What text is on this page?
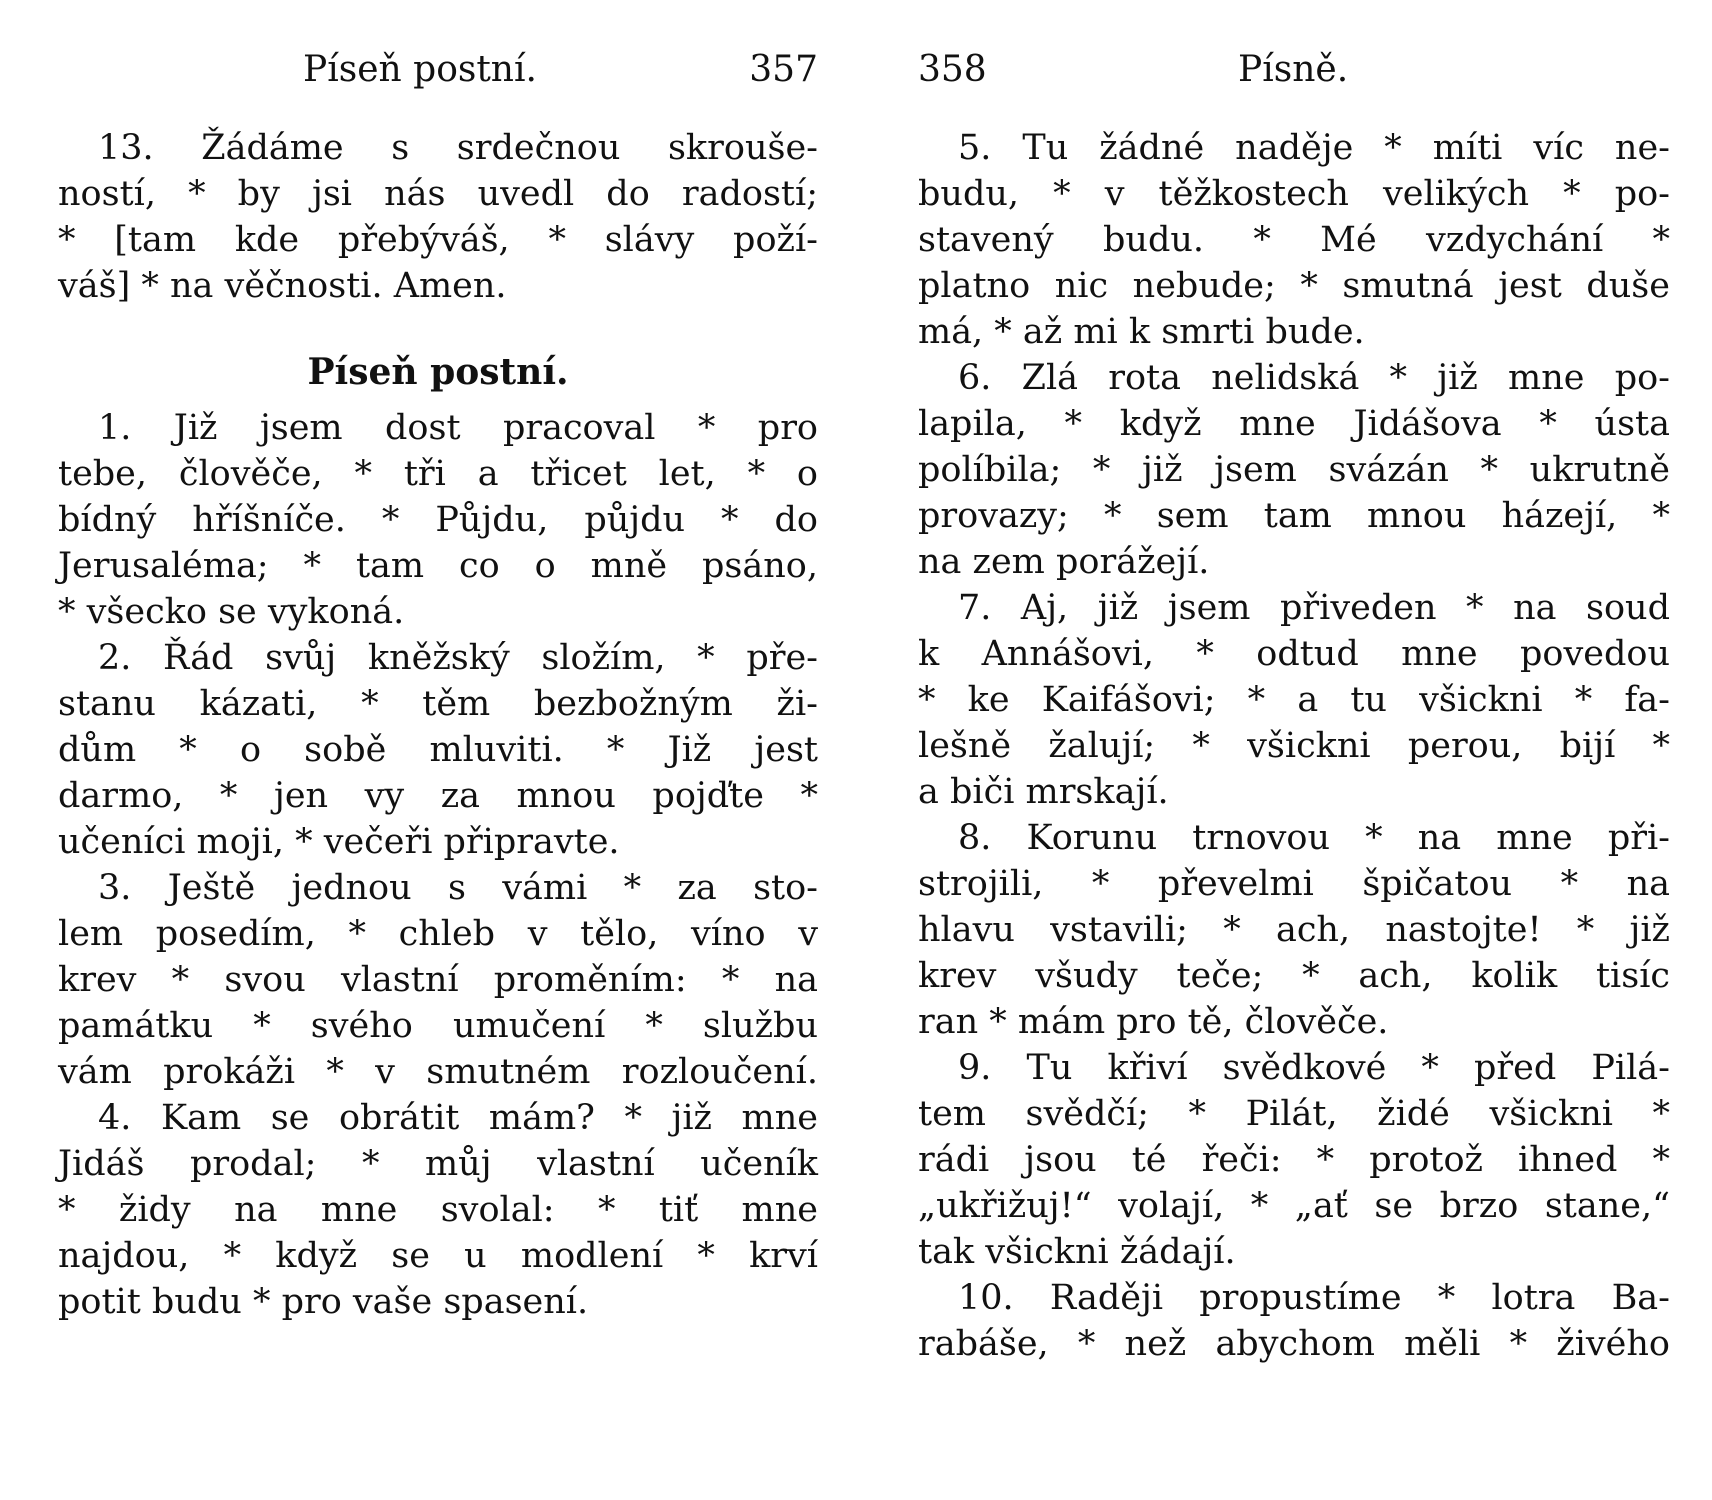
Píseň postní.	357
13. Žádáme s srdečnou skrouše-
ností, * by jsi nás uvedl do radostí;
* [tam kde přebýváš, * slávy poží-
váš] * na věčnosti. Amen.
Píseň postní.
1. Již jsem dost pracoval * pro
tebe, člověče, * tři a třicet let, * o
bídný hříšníče. * Půjdu, půjdu * do
Jerusaléma; * tam co o mně psáno,
* všecko se vykoná.
2. Řád svůj kněžský složím, * pře-
stanu kázati, * těm bezbožným ži-
dům * o sobě mluviti. * Již jest
darmo, * jen vy za mnou pojďte *
učeníci moji, * večeři připravte.
3. Ještě jednou s vámi * za sto-
lem posedím, * chleb v tělo, víno v
krev * svou vlastní proměním: * na
památku * svého umučení * službu
vám prokáži * v smutném rozloučení.
4. Kam se obrátit mám? * již mne
Jidáš prodal; * můj vlastní učeník
* židy na mne svolal: * tiť mne
najdou, * když se u modlení * krví
potit budu * pro vaše spasení.
358	Písně.
5. Tu žádné naděje * míti víc ne-
budu, * v těžkostech velikých * po-
stavený budu. * Mé vzdychání *
platno nic nebude; * smutná jest duše
má, * až mi k smrti bude.
6. Zlá rota nelidská * již mne po-
lapila, * když mne Jidášova * ústa
políbila; * již jsem svázán * ukrutně
provazy; * sem tam mnou házejí, *
na zem porážejí.
7. Aj, již jsem přiveden * na soud
k Annášovi, * odtud mne povedou
* ke Kaifášovi; * a tu všickni * fa-
lešně žalují; * všickni perou, bijí *
a biči mrskají.
8. Korunu trnovou * na mne při-
strojili, * převelmi špičatou * na
hlavu vstavili; * ach, nastojte! * již
krev všudy teče; * ach, kolik tisíc
ran * mám pro tě, člověče.
9. Tu křiví svědkové * před Pilá-
tem svědčí; * Pilát, židé všickni *
rádi jsou té řeči: * protož ihned *
„ukřižuj!“ volají, * „ať se brzo stane,“
tak všickni žádají.
10. Raději propustíme * lotra Ba-
rabáše, * než abychom měli * živého
